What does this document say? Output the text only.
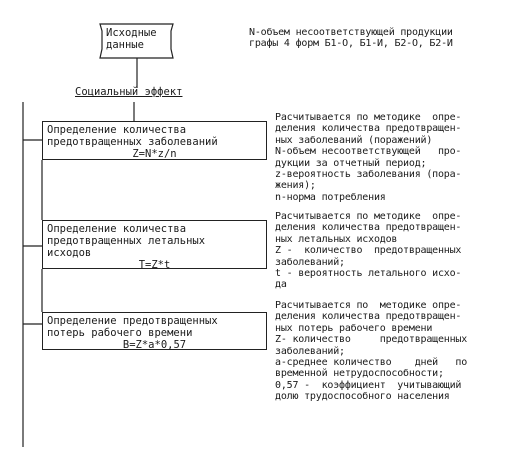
Исходные
данные
N-объем несоответствующей продукции
графы 4 форм Б1-О, Б1-И, Б2-О, Б2-И
Социальный эффект
Определение количества
предотвращенных заболеваний
Z=N*z/n
Расчитывается по методике  опре-
деления количества предотвращен-
ных заболеваний (поражений)
N-объем несоответствующей   про-
дукции за отчетный период;
z-вероятность заболевания (пора-
жения);
n-норма потребления
Определение количества
предотвращенных летальных
исходов
T=Z*t
Расчитывается по методике  опре-
деления количества предотвращен-
ных летальных исходов
Z -  количество  предотвращенных
заболеваний;
t - вероятность летального исхо-
да
Определение предотвращенных
потерь рабочего времени
B=Z*a*0,57
Расчитывается по  методике опре-
деления количества предотвращен-
ных потерь рабочего времени
Z- количество     предотвращенных
заболеваний;
а-среднее количество    дней   по
временной нетрудоспособности;
0,57 -  коэффициент  учитывающий
долю трудоспособного населения
